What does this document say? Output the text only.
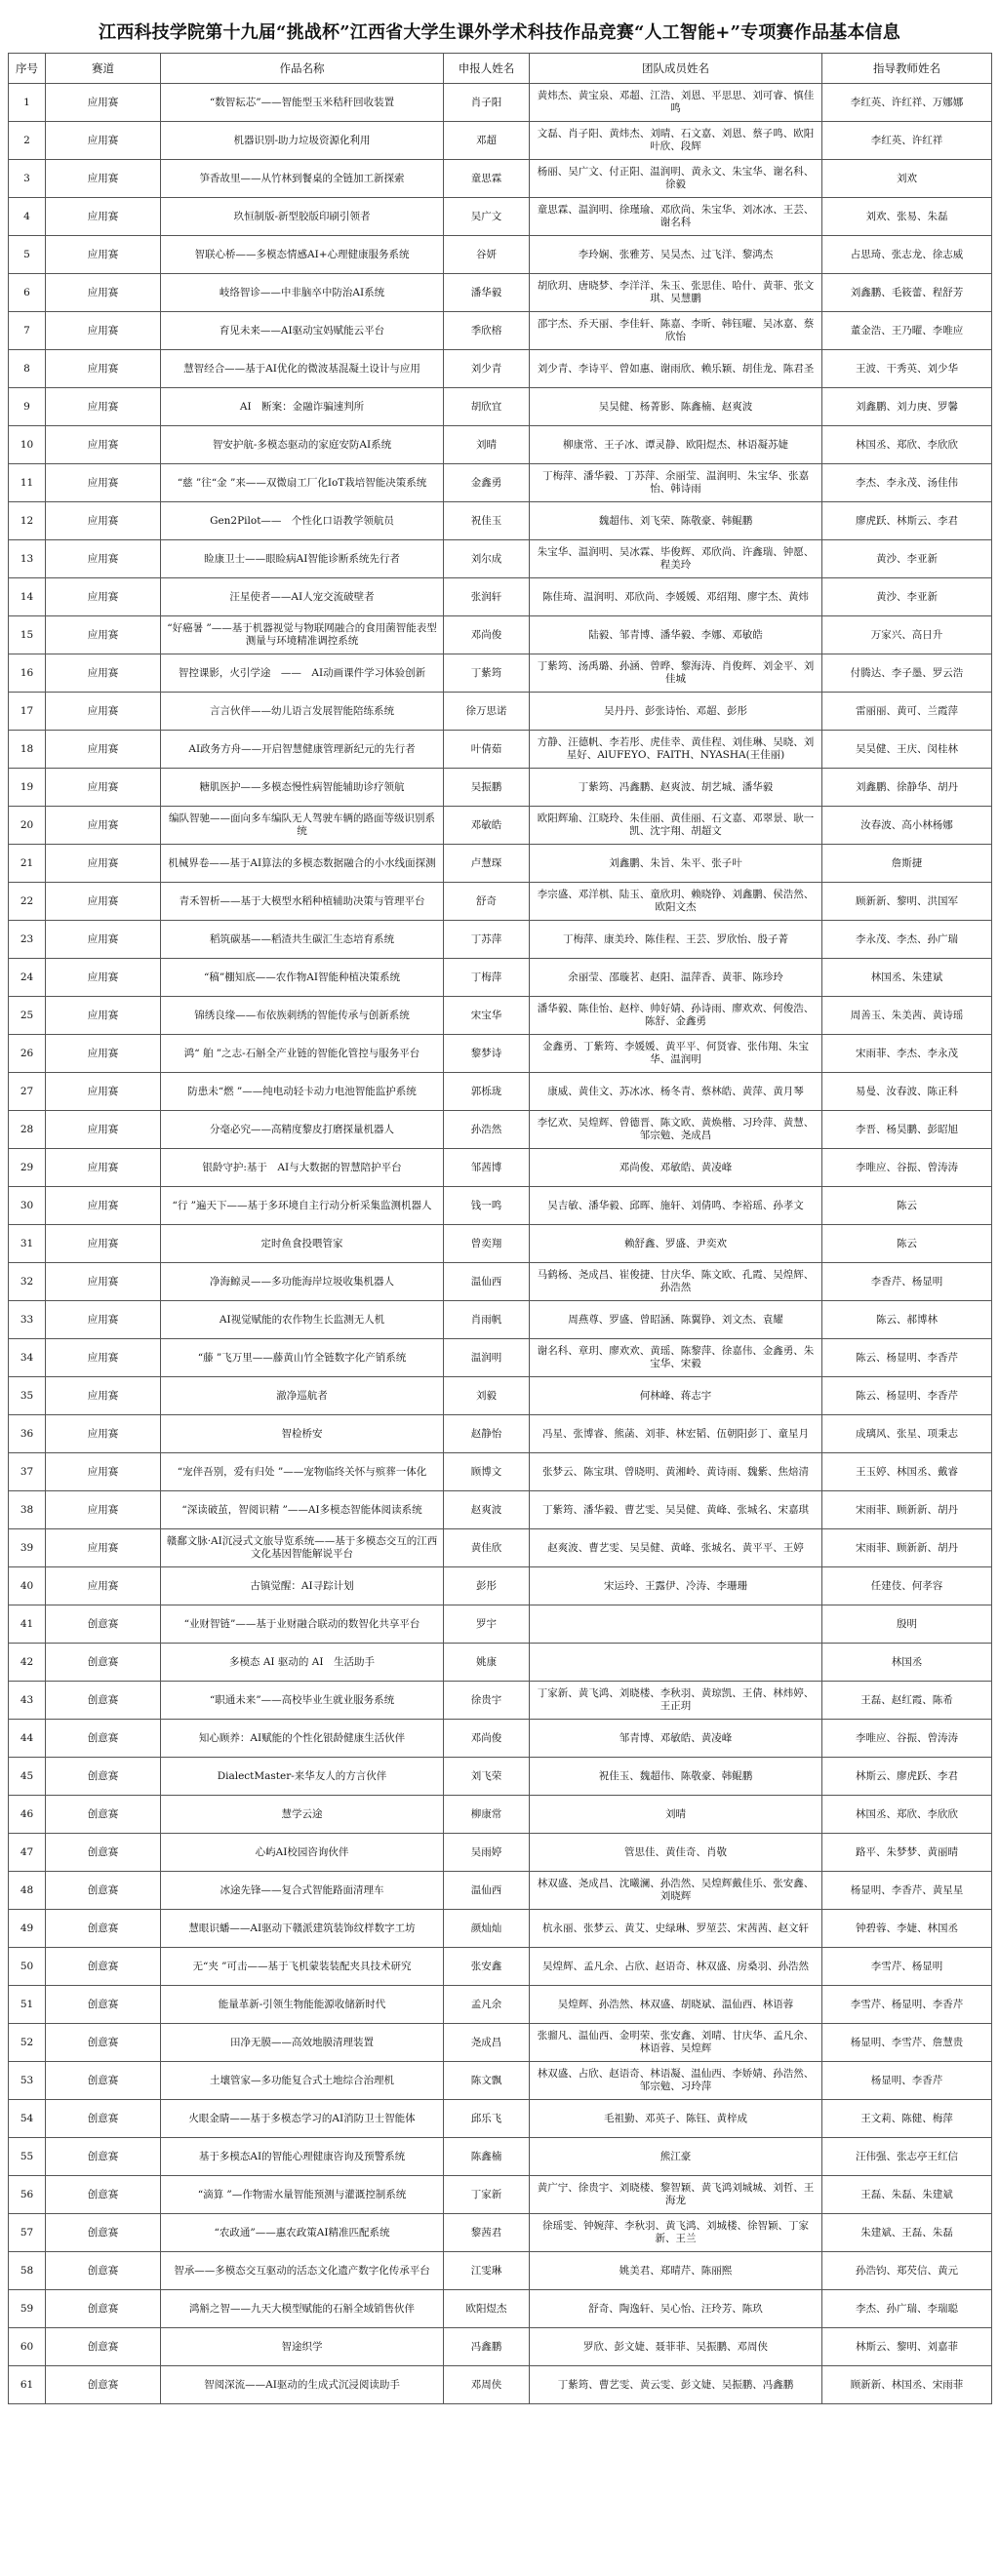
江西科技学院第十九届“挑战杯”江西省大学生课外学术科技作品竞赛“人工智能+”专项赛作品基本信息
序号	赛道	作品名称	申报人姓名	团队成员姓名	指导教师姓名
1	应用赛	“数智耘芯”——智能型玉米秸秆回收装置	肖子阳	黄炜杰、黄宝泉、邓超、江浩、刘恩、平思思、刘可睿、慎佳鸣	李红英、许红祥、万娜娜
2	应用赛	机器识别-助力垃圾资源化利用	邓超	文磊、肖子阳、黄炜杰、刘晴、石文嘉、刘恩、蔡子鸣、欧阳叶欣、段辉	李红英、许红祥
3	应用赛	笋香故里——从竹林到餐桌的全链加工新探索	童思霖	杨丽、吴广文、付正阳、温润明、黄永文、朱宝华、谢名科、徐毅	刘欢
4	应用赛	玖恒制版-新型胶版印刷引领者	吴广文	童思霖、温润明、徐瑾瑜、邓欣尚、朱宝华、刘冰冰、王芸、谢名科	刘欢、张易、朱磊
5	应用赛	智联心桥——多模态情感AI+心理健康服务系统	谷妍	李玲娴、张雅芳、吴昊杰、过飞洋、黎鸿杰	占思琦、张志龙、徐志威
6	应用赛	岐络智诊——中非脑卒中防治AI系统	潘华毅	胡欣玥、唐晓梦、李洋洋、朱玉、张思佳、哈什、黄菲、张文琪、吴慧鹏	刘鑫鹏、毛筱蕾、程舒芳
7	应用赛	育见未来——AI驱动宝妈赋能云平台	季欣榕	邵宇杰、乔天丽、李佳轩、陈嘉、李昕、韩钰曜、吴冰嘉、蔡欣怡	董金浩、王乃曜、李唯应
8	应用赛	慧智经合——基于AI优化的微波基混凝土设计与应用	刘少青	刘少青、李诗平、曾如惠、谢雨欣、赖乐颖、胡佳龙、陈君圣	王波、干秀英、刘少华
9	应用赛	AI　断案：金融诈骗速判所	胡欣宜	吴昊健、杨菁影、陈鑫楠、赵爽波	刘鑫鹏、刘力庚、罗馨
10	应用赛	智安护航-多模态驱动的家庭安防AI系统	刘晴	柳康常、王子冰、谭灵静、欧阳煜杰、林语凝苏婕	林国丞、郑欣、李欣欣
11	应用赛	“慈 ”往“金 ”来——双微扇工厂化IoT栽培智能决策系统	金鑫勇	丁梅萍、潘华毅、丁苏萍、余丽莹、温润明、朱宝华、张嘉怡、韩诗雨	李杰、李永茂、汤佳伟
12	应用赛	Gen2Pilot——　个性化口语教学领航员	祝佳玉	魏超伟、刘飞荣、陈敬豪、韩鲲鹏	廖虎跃、林斯云、李君
13	应用赛	睑康卫士——眼睑病AI智能诊断系统先行者	刘尔成	朱宝华、温润明、吴冰霖、毕俊辉、邓欣尚、许鑫瑞、钟愿、程美玲	黄沙、李亚新
14	应用赛	汪星使者——AI人宠交流破壁者	张润轩	陈佳琦、温润明、邓欣尚、李媛媛、邓绍翔、廖宇杰、黄炜	黄沙、李亚新
15	应用赛	“好癌暑 ”——基于机器视觉与物联网融合的食用菌智能表型测量与环境精准调控系统	邓尚俊	陆毅、邹青博、潘华毅、李娜、邓敏皓	万家兴、高日升
16	应用赛	智控课影，火引学途　——　AI动画课件学习体验创新	丁紫筠	丁紫筠、汤禹璐、孙涵、曾晔、黎海涛、肖俊辉、刘金平、刘佳城	付腾达、李子墨、罗云浩
17	应用赛	言言伙伴——幼儿语言发展智能陪练系统	徐万思诺	吴丹丹、彭张诗怡、邓超、彭彤	雷丽丽、黄可、兰霞萍
18	应用赛	AI政务方舟——开启智慧健康管理新纪元的先行者	叶倩茹	方静、汪德帆、李若彤、虎佳幸、黄佳程、刘佳琳、吴晓、刘星好、AlUFEYO、FAITH、NYASHA(王佳丽)	吴昊健、王庆、闵桂林
19	应用赛	糖肌医护——多模态慢性病智能辅助诊疗领航	吴振鹏	丁紫筠、冯鑫鹏、赵爽波、胡艺城、潘华毅	刘鑫鹏、徐静华、胡丹
20	应用赛	编队智驰——面向多车编队无人驾驶车辆的路面等级识别系统	邓敏皓	欧阳辉瑜、江晓玲、朱佳丽、黄佳丽、石文嘉、邓翠景、耿一凯、沈宇翔、胡超文	汝春波、高小林杨娜
21	应用赛	机械界卷——基于AI算法的多模态数据融合的小水线面探测	卢慧琛	刘鑫鹏、朱旨、朱平、张子叶	詹斯捷
22	应用赛	青禾智析——基于大模型水稻种植辅助决策与管理平台	舒奇	李宗盛、邓洋棋、陆玉、童欣玥、赖晓铮、刘鑫鹏、侯浩然、欧阳文杰	顾新新、黎明、洪国军
23	应用赛	稻筑碳基——稻渣共生碳汇生态培育系统	丁苏萍	丁梅萍、康美玲、陈佳程、王芸、罗欣怡、殷子菁	李永茂、李杰、孙广瑞
24	应用赛	“稿”棚知底——农作物AI智能种植决策系统	丁梅萍	余丽莹、邵璇茗、赵阳、温萍香、黄菲、陈珍玲	林国丞、朱建斌
25	应用赛	锦绣良缘——布依族刺绣的智能传承与创新系统	宋宝华	潘华毅、陈佳怡、赵梓、帅好婧、孙诗雨、廖欢欢、何俊浩、陈舒、金鑫勇	周善玉、朱美茜、黄诗瑶
26	应用赛	鸿“ 舶 ”之志-石斛全产业链的智能化管控与服务平台	黎梦诗	金鑫勇、丁紫筠、李媛媛、黄平平、何贤睿、张伟翔、朱宝华、温润明	宋雨菲、李杰、李永茂
27	应用赛	防患未“燃 ”——纯电动轻卡动力电池智能监护系统	郭栎珑	康威、黄佳文、苏冰冰、杨冬青、蔡林皓、黄萍、黄月琴	易曼、汝春波、陈正科
28	应用赛	分毫必究——高精度黎皮打磨探量机器人	孙浩然	李忆欢、吴煌辉、曾德晋、陈文欧、黄焕楷、习玲萍、黄慧、邹宗勉、尧成昌	李晋、杨昊鹏、彭昭旭
29	应用赛	银龄守护:基于　AI与大数据的智慧陪护平台	邹茜博	邓尚俊、邓敏皓、黄凌峰	李唯应、谷振、曾涛涛
30	应用赛	“行 ”遍天下——基于多环境自主行动分析采集监测机器人	钱一鸣	吴吉敏、潘华毅、邱晖、施轩、刘倩鸣、李裕瑶、孙孝文	陈云
31	应用赛	定时鱼食投喂管家	曾奕翔	赖舒鑫、罗盛、尹奕欢	陈云
32	应用赛	净海鲸灵——多功能海岸垃圾收集机器人	温仙西	马鹤杨、尧成昌、崔俊捷、甘庆华、陈文欧、孔霞、吴煌辉、孙浩然	李香芹、杨显明
33	应用赛	AI视觉赋能的农作物生长监测无人机	肖雨帆	周燕尊、罗盛、曾昭涵、陈翼铮、刘文杰、袁耀	陈云、郝博林
34	应用赛	“藤 ”飞万里——藤黄山竹全链数字化产销系统	温润明	谢名科、章玥、廖欢欢、黄瑶、陈黎萍、徐嘉伟、金鑫勇、朱宝华、宋毅	陈云、杨显明、李香芹
35	应用赛	澈净巡航者	刘毅	何林峰、蒋志宇	陈云、杨显明、李香芹
36	应用赛	智检桥安	赵静怡	冯星、张博睿、熊菡、刘菲、林宏韬、伍朝阳彭丁、童星月	成璃风、张星、项秉志
37	应用赛	“宠伴吾别，爱有归处 ”——宠物临终关怀与殡葬一体化	顾博文	张梦云、陈宝琪、曾晓明、黄湘岭、黄诗雨、魏紫、焦焙清	王玉婷、林国丞、戴睿
38	应用赛	“深读破茧，智阅识精 ”——AI多模态智能体阅读系统	赵爽波	丁紫筠、潘华毅、曹艺雯、吴昊健、黄峰、张城名、宋嘉琪	宋雨菲、顾新新、胡丹
39	应用赛	赣鄱文脉·AI沉浸式文旅导览系统——基于多模态交互的江西文化基因智能解说平台	黄佳欣	赵爽波、曹艺雯、吴昊健、黄峰、张城名、黄平平、王婷	宋雨菲、顾新新、胡丹
40	应用赛	古镇觉醒：AI寻踪计划	彭彤	宋运玲、王露伊、冷涛、李珊珊	任建伎、何孝容
41	创意赛	“业财智链”——基于业财融合联动的数智化共享平台	罗宇		殷明
42	创意赛	多模态 AI 驱动的 AI　生活助手	姚康		林国丞
43	创意赛	“职通未来”——高校毕业生就业服务系统	徐贵宇	丁家新、黄飞鸿、刘晓楼、李秋羽、黄琼凯、王倩、林炜婷、王正玥	王磊、赵红霞、陈希
44	创意赛	知心顾养：AI赋能的个性化银龄健康生活伙伴	邓尚俊	邹青博、邓敏皓、黄凌峰	李唯应、谷振、曾涛涛
45	创意赛	DialectMaster-来华友人的方言伙伴	刘飞荣	祝佳玉、魏超伟、陈敬豪、韩鲲鹏	林斯云、廖虎跃、李君
46	创意赛	慧学云途	柳康常	刘晴	林国丞、郑欣、李欣欣
47	创意赛	心屿AI校园咨询伙伴	吴雨婷	管思佳、黄佳奇、肖敬	路平、朱梦梦、黄丽晴
48	创意赛	冰途先锋——复合式智能路面清理车	温仙西	林双盛、尧成昌、沈曦澜、孙浩然、吴煌辉戴佳乐、张安鑫、刘晓辉	杨显明、李香芹、黄星星
49	创意赛	慧眼识蟠——AI驱动下赣派建筑装饰纹样数字工坊	颜灿灿	杭永丽、张梦云、黄艾、史绿琳、罗堃芸、宋茜茜、赵文轩	钟碧蓉、李婕、林国丞
50	创意赛	无“夹 ”可击——基于飞机蒙装装配夹具技术研究	张安鑫	吴煌辉、孟凡余、占欣、赵语奇、林双盛、房桑羽、孙浩然	李雪芹、杨显明
51	创意赛	能量革新-引领生物能能源收储新时代	孟凡余	吴煌辉、孙浩然、林双盛、胡晓斌、温仙西、林语蓉	李雪芹、杨显明、李香芹
52	创意赛	田净无膜——高效地膜清理装置	尧成昌	张骝凡、温仙西、金明荣、张安鑫、刘晴、甘庆华、孟凡余、林语蓉、吴煌辉	杨显明、李雪芹、詹慧贵
53	创意赛	土壤管家—多功能复合式土地综合治理机	陈文飘	林双盛、占欣、赵语奇、林语凝、温仙西、李娇婧、孙浩然、邹宗勉、习玲萍	杨显明、李香芹
54	创意赛	火眼金睛——基于多模态学习的AI消防卫士智能体	邱乐飞	毛祖勤、邓英子、陈钰、黄梓成	王文莉、陈健、梅萍
55	创意赛	基于多模态AI的智能心理健康咨询及预警系统	陈鑫楠	熊江豪	汪伟强、张志亭王红信
56	创意赛	“滴算 ”—作物需水量智能预测与灌溉控制系统	丁家新	黄广宁、徐贵宇、刘晓楼、黎智颖、黄飞鸿刘城城、刘哲、王海龙	王磊、朱磊、朱建斌
57	创意赛	“农政通”——惠农政策AI精准匹配系统	黎茜君	徐瑶雯、钟婉萍、李秋羽、黄飞鸿、刘城楼、徐智颖、丁家新、王兰	朱建斌、王磊、朱磊
58	创意赛	智承——多模态交互驱动的活态文化遗产数字化传承平台	江雯琳	姚美君、郑晴芹、陈丽熙	孙浩钧、郑芡信、黄元
59	创意赛	鸿斛之智——九天大模型赋能的石斛全域销售伙伴	欧阳煜杰	舒奇、陶逸轩、吴心怡、汪玲芳、陈玖	李杰、孙广瑞、李瑞聪
60	创意赛	智途织学	冯鑫鹏	罗欣、彭文婕、聂菲菲、吴振鹏、邓周侠	林斯云、黎明、刘嘉菲
61	创意赛	智阅深流——AI驱动的生成式沉浸阅读助手	邓周侠	丁紫筠、曹艺雯、黄云雯、彭文婕、吴振鹏、冯鑫鹏	顾新新、林国丞、宋雨菲
